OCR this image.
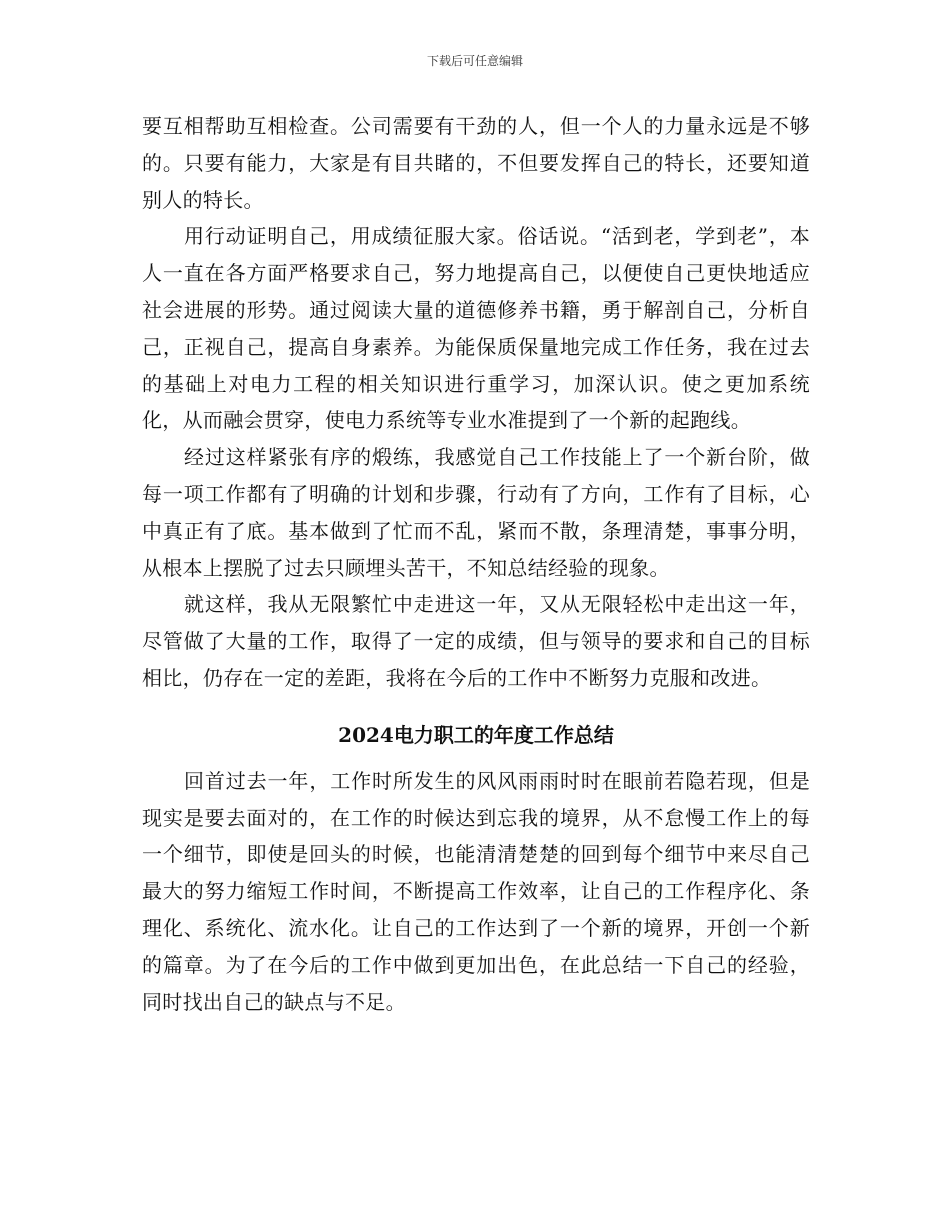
下载后可任意编辑

要互相帮助互相检查。公司需要有干劲的人，但一个人的力量永远是不够的。只要有能力，大家是有目共睹的，不但要发挥自己的特长，还要知道别人的特长。

用行动证明自己，用成绩征服大家。俗话说。“活到老，学到老”，本人一直在各方面严格要求自己，努力地提高自己，以便使自己更快地适应社会进展的形势。通过阅读大量的道德修养书籍，勇于解剖自己，分析自己，正视自己，提高自身素养。为能保质保量地完成工作任务，我在过去的基础上对电力工程的相关知识进行重学习，加深认识。使之更加系统化，从而融会贯穿，使电力系统等专业水准提到了一个新的起跑线。

经过这样紧张有序的煅练，我感觉自己工作技能上了一个新台阶，做每一项工作都有了明确的计划和步骤，行动有了方向，工作有了目标，心中真正有了底。基本做到了忙而不乱，紧而不散，条理清楚，事事分明，从根本上摆脱了过去只顾埋头苦干，不知总结经验的现象。

就这样，我从无限繁忙中走进这一年，又从无限轻松中走出这一年，尽管做了大量的工作，取得了一定的成绩，但与领导的要求和自己的目标相比，仍存在一定的差距，我将在今后的工作中不断努力克服和改进。

2024电力职工的年度工作总结

回首过去一年，工作时所发生的风风雨雨时时在眼前若隐若现，但是现实是要去面对的，在工作的时候达到忘我的境界，从不怠慢工作上的每一个细节，即使是回头的时候，也能清清楚楚的回到每个细节中来尽自己最大的努力缩短工作时间，不断提高工作效率，让自己的工作程序化、条理化、系统化、流水化。让自己的工作达到了一个新的境界，开创一个新的篇章。为了在今后的工作中做到更加出色，在此总结一下自己的经验，同时找出自己的缺点与不足。
